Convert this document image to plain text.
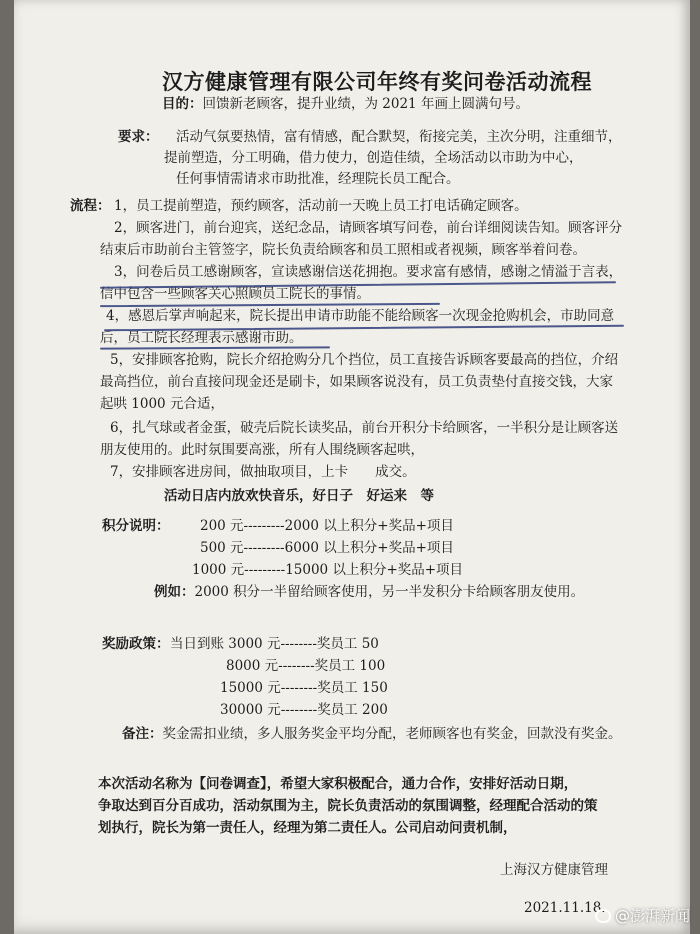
汉方健康管理有限公司年终有奖问卷活动流程
目的：回馈新老顾客，提升业绩，为 2021 年画上圆满句号。
要求： 活动气氛要热情，富有情感，配合默契，衔接完美，主次分明，注重细节，
提前塑造，分工明确，借力使力，创造佳绩，全场活动以市助为中心，
任何事情需请求市助批准，经理院长员工配合。
流程： 1，员工提前塑造，预约顾客，活动前一天晚上员工打电话确定顾客。
2，顾客进门，前台迎宾，送纪念品，请顾客填写问卷，前台详细阅读告知。顾客评分
结束后市助前台主管签字，院长负责给顾客和员工照相或者视频，顾客举着问卷。
3，问卷后员工感谢顾客，宣读感谢信送花拥抱。要求富有感情，感谢之情溢于言表，
信中包含一些顾客关心照顾员工院长的事情。
4，感恩后掌声响起来，院长提出申请市助能不能给顾客一次现金抢购机会，市助同意
后，员工院长经理表示感谢市助。
5，安排顾客抢购，院长介绍抢购分几个挡位，员工直接告诉顾客要最高的挡位，介绍
最高挡位，前台直接问现金还是刷卡，如果顾客说没有，员工负责垫付直接交钱，大家
起哄 1000 元合适，
6，扎气球或者金蛋，破壳后院长读奖品，前台开积分卡给顾客，一半积分是让顾客送
朋友使用的。此时氛围要高涨，所有人围绕顾客起哄，
7，安排顾客进房间，做抽取项目，上卡　　成交。
活动日店内放欢快音乐，好日子　好运来　等
积分说明： 200 元---------2000 以上积分+奖品+项目
500 元---------6000 以上积分+奖品+项目
1000 元---------15000 以上积分+奖品+项目
例如：2000 积分一半留给顾客使用，另一半发积分卡给顾客朋友使用。
奖励政策： 当日到账 3000 元--------奖员工 50
8000 元--------奖员工 100
15000 元--------奖员工 150
30000 元--------奖员工 200
备注：奖金需扣业绩，多人服务奖金平均分配，老师顾客也有奖金，回款没有奖金。
本次活动名称为【问卷调查】，希望大家积极配合，通力合作，安排好活动日期，
争取达到百分百成功，活动氛围为主，院长负责活动的氛围调整，经理配合活动的策
划执行，院长为第一责任人，经理为第二责任人。公司启动问责机制，
上海汉方健康管理
2021.11.18. @澎湃新闻
